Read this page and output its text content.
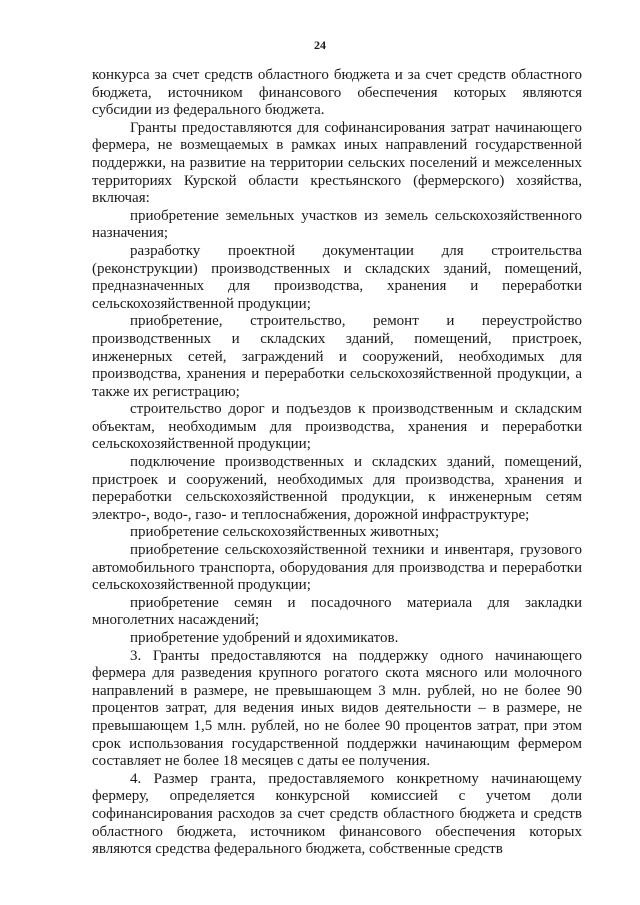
24

конкурса за счет средств областного бюджета и за счет средств областного бюджета, источником финансового обеспечения которых являются субсидии из федерального бюджета.

Гранты предоставляются для софинансирования затрат начинающего фермера, не возмещаемых в рамках иных направлений государственной поддержки, на развитие на территории сельских поселений и межселенных территориях Курской области крестьянского (фермерского) хозяйства, включая:

приобретение земельных участков из земель сельскохозяйственного назначения;

разработку проектной документации для строительства (реконструкции) производственных и складских зданий, помещений, предназначенных для производства, хранения и переработки сельскохозяйственной продукции;

приобретение, строительство, ремонт и переустройство производственных и складских зданий, помещений, пристроек, инженерных сетей, заграждений и сооружений, необходимых для производства, хранения и переработки сельскохозяйственной продукции, а также их регистрацию;

строительство дорог и подъездов к производственным и складским объектам, необходимым для производства, хранения и переработки сельскохозяйственной продукции;

подключение производственных и складских зданий, помещений, пристроек и сооружений, необходимых для производства, хранения и переработки сельскохозяйственной продукции, к инженерным сетям электро-, водо-, газо- и теплоснабжения, дорожной инфраструктуре;

приобретение сельскохозяйственных животных;

приобретение сельскохозяйственной техники и инвентаря, грузового автомобильного транспорта, оборудования для производства и переработки сельскохозяйственной продукции;

приобретение семян и посадочного материала для закладки многолетних насаждений;

приобретение удобрений и ядохимикатов.

3. Гранты предоставляются на поддержку одного начинающего фермера для разведения крупного рогатого скота мясного или молочного направлений в размере, не превышающем 3 млн. рублей, но не более 90 процентов затрат, для ведения иных видов деятельности – в размере, не превышающем 1,5 млн. рублей, но не более 90 процентов затрат, при этом срок использования государственной поддержки начинающим фермером составляет не более 18 месяцев с даты ее получения.

4. Размер гранта, предоставляемого конкретному начинающему фермеру, определяется конкурсной комиссией с учетом доли софинансирования расходов за счет средств областного бюджета и средств областного бюджета, источником финансового обеспечения которых являются средства федерального бюджета, собственные средств
